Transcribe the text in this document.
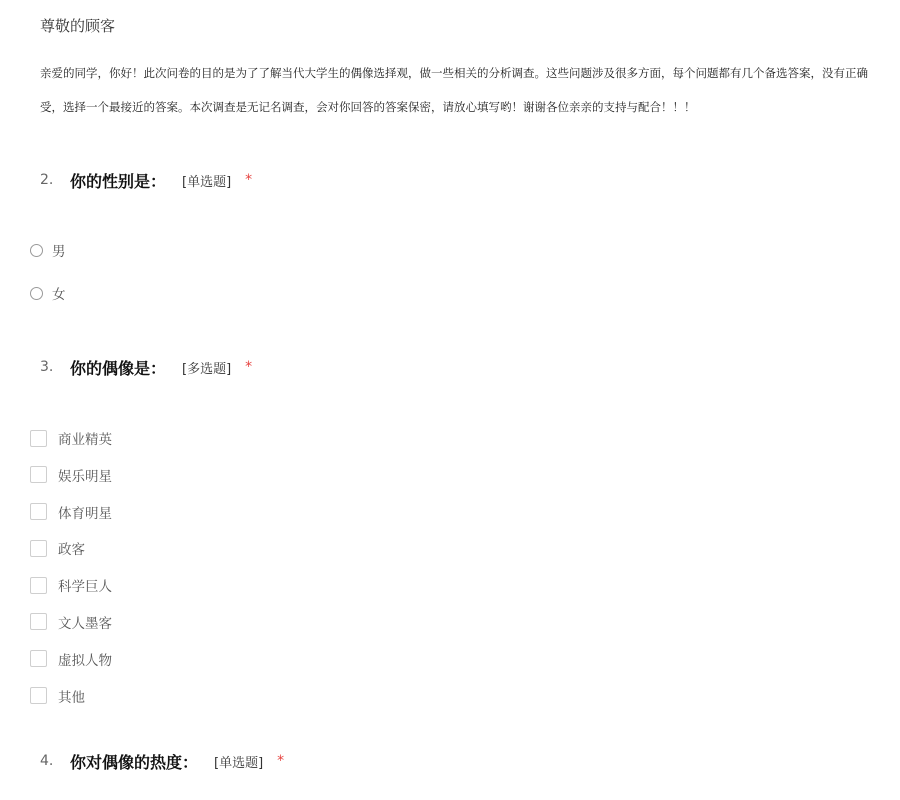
尊敬的顾客
亲爱的同学，你好！此次问卷的目的是为了了解当代大学生的偶像选择观，做一些相关的分析调查。这些问题涉及很多方面，每个问题都有几个备选答案，没有正确
受，选择一个最接近的答案。本次调查是无记名调查，会对你回答的答案保密，请放心填写哟！谢谢各位亲亲的支持与配合！！！
2.	你的性别是： [单选题] *
男
女
3.	你的偶像是： [多选题] *
商业精英
娱乐明星
体育明星
政客
科学巨人
文人墨客
虚拟人物
其他
4.	你对偶像的热度： [单选题] *
